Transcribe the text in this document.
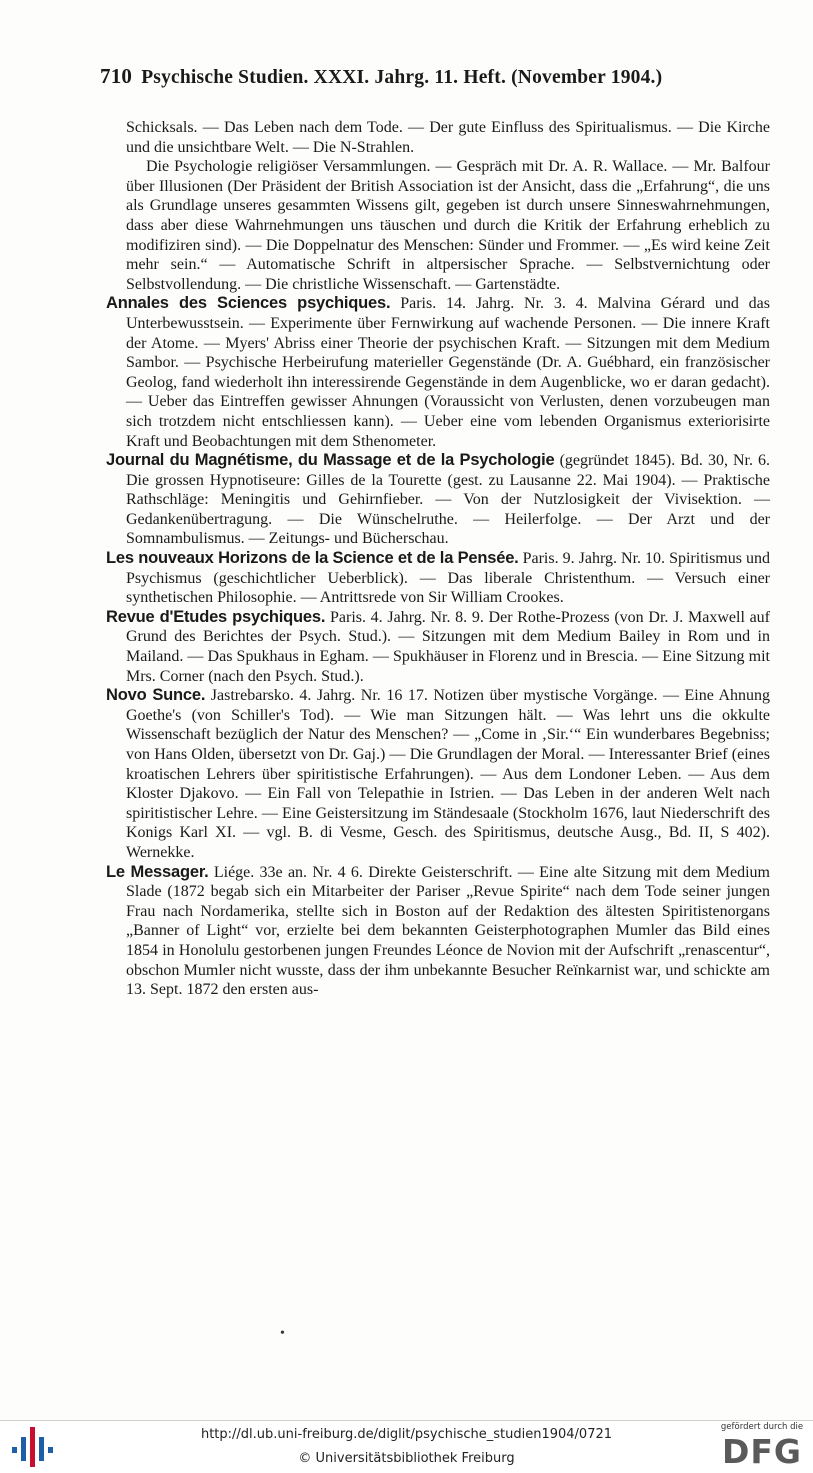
710 Psychische Studien. XXXI. Jahrg. 11. Heft. (November 1904.)

Schicksals. — Das Leben nach dem Tode. — Der gute Einfluss des Spiritualismus. — Die Kirche und die unsichtbare Welt. — Die N-Strahlen.
Die Psychologie religiöser Versammlungen. — Gespräch mit Dr. A. R. Wallace. — Mr. Balfour über Illusionen (Der Präsident der British Association ist der Ansicht, dass die „Erfahrung“, die uns als Grundlage unseres gesammten Wissens gilt, gegeben ist durch unsere Sinneswahrnehmungen, dass aber diese Wahrnehmungen uns täuschen und durch die Kritik der Erfahrung erheblich zu modifiziren sind). — Die Doppelnatur des Menschen: Sünder und Frommer. — „Es wird keine Zeit mehr sein.“ — Automatische Schrift in altpersischer Sprache. — Selbstvernichtung oder Selbstvollendung. — Die christliche Wissenschaft. — Gartenstädte.

Annales des Sciences psychiques. Paris. 14. Jahrg. Nr. 3. 4. Malvina Gérard und das Unterbewusstsein. — Experimente über Fernwirkung auf wachende Personen. — Die innere Kraft der Atome. — Myers' Abriss einer Theorie der psychischen Kraft. — Sitzungen mit dem Medium Sambor. — Psychische Herbeirufung materieller Gegenstände (Dr. A. Guébhard, ein französischer Geolog, fand wiederholt ihn interessirende Gegenstände in dem Augenblicke, wo er daran gedacht). — Ueber das Eintreffen gewisser Ahnungen (Voraussicht von Verlusten, denen vorzubeugen man sich trotzdem nicht entschliessen kann). — Ueber eine vom lebenden Organismus exteriorisirte Kraft und Beobachtungen mit dem Sthenometer.

Journal du Magnétisme, du Massage et de la Psychologie (gegründet 1845). Bd. 30, Nr. 6. Die grossen Hypnotiseure: Gilles de la Tourette (gest. zu Lausanne 22. Mai 1904). — Praktische Rathschläge: Meningitis und Gehirnfieber. — Von der Nutzlosigkeit der Vivisektion. — Gedankenübertragung. — Die Wünschelruthe. — Heilerfolge. — Der Arzt und der Somnambulismus. — Zeitungs- und Bücherschau.

Les nouveaux Horizons de la Science et de la Pensée. Paris. 9. Jahrg. Nr. 10. Spiritismus und Psychismus (geschichtlicher Ueberblick). — Das liberale Christenthum. — Versuch einer synthetischen Philosophie. — Antrittsrede von Sir William Crookes.

Revue d'Etudes psychiques. Paris. 4. Jahrg. Nr. 8. 9. Der Rothe-Prozess (von Dr. J. Maxwell auf Grund des Berichtes der Psych. Stud.). — Sitzungen mit dem Medium Bailey in Rom und in Mailand. — Das Spukhaus in Egham. — Spukhäuser in Florenz und in Brescia. — Eine Sitzung mit Mrs. Corner (nach den Psych. Stud.).

Novo Sunce. Jastrebarsko. 4. Jahrg. Nr. 16 17. Notizen über mystische Vorgänge. — Eine Ahnung Goethe's (von Schiller's Tod). — Wie man Sitzungen hält. — Was lehrt uns die okkulte Wissenschaft bezüglich der Natur des Menschen? — „Come in ‚Sir.‘“ Ein wunderbares Begebniss; von Hans Olden, übersetzt von Dr. Gaj.) — Die Grundlagen der Moral. — Interessanter Brief (eines kroatischen Lehrers über spiritistische Erfahrungen). — Aus dem Londoner Leben. — Aus dem Kloster Djakovo. — Ein Fall von Telepathie in Istrien. — Das Leben in der anderen Welt nach spiritistischer Lehre. — Eine Geistersitzung im Ständesaale (Stockholm 1676, laut Niederschrift des Konigs Karl XI. — vgl. B. di Vesme, Gesch. des Spiritismus, deutsche Ausg., Bd. II, S 402). Wernekke.

Le Messager. Liége. 33e an. Nr. 4 6. Direkte Geisterschrift. — Eine alte Sitzung mit dem Medium Slade (1872 begab sich ein Mitarbeiter der Pariser „Revue Spirite“ nach dem Tode seiner jungen Frau nach Nordamerika, stellte sich in Boston auf der Redaktion des ältesten Spiritistenorgans „Banner of Light“ vor, erzielte bei dem bekannten Geisterphotographen Mumler das Bild eines 1854 in Honolulu gestorbenen jungen Freundes Léonce de Novion mit der Aufschrift „renascentur“, obschon Mumler nicht wusste, dass der ihm unbekannte Besucher Reïnkarnist war, und schickte am 13. Sept. 1872 den ersten aus-

•
http://dl.ub.uni-freiburg.de/diglit/psychische_studien1904/0721
© Universitätsbibliothek Freiburg
gefördert durch die
DFG
